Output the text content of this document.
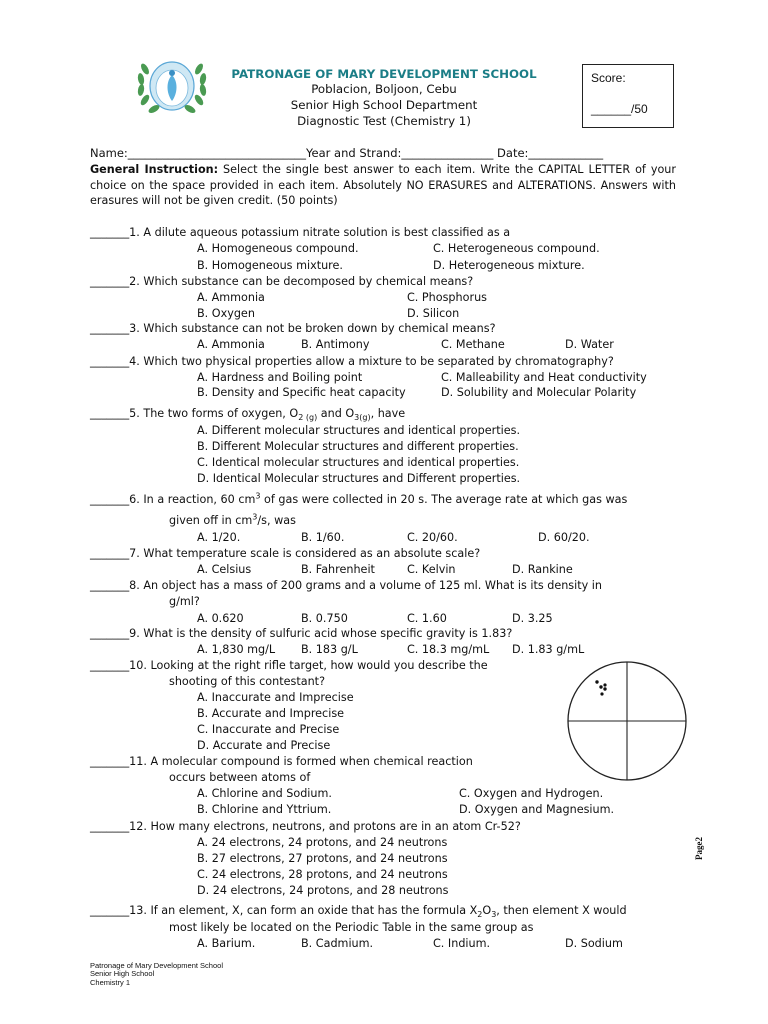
PATRONAGE OF MARY DEVELOPMENT SCHOOL
Poblacion, Boljoon, Cebu
Senior High School Department
Diagnostic Test (Chemistry 1)
Score:
______/50
Name:_______________________________Year and Strand:________________ Date:_____________
General Instruction: Select the single best answer to each item. Write the CAPITAL LETTER of your choice on the space provided in each item. Absolutely NO ERASURES and ALTERATIONS. Answers with erasures will not be given credit. (50 points)
_______1. A dilute aqueous potassium nitrate solution is best classified as a
A. Homogeneous compound.	C. Heterogeneous compound.
B. Homogeneous mixture.	D. Heterogeneous mixture.
_______2. Which substance can be decomposed by chemical means?
A. Ammonia	C. Phosphorus
B. Oxygen	D. Silicon
_______3. Which substance can not be broken down by chemical means?
A. Ammonia	B. Antimony	C. Methane	D. Water
_______4. Which two physical properties allow a mixture to be separated by chromatography?
A. Hardness and Boiling point	C. Malleability and Heat conductivity
B. Density and Specific heat capacity	D. Solubility and Molecular Polarity
_______5. The two forms of oxygen, $O_{2 (g)}$ and $O_{3(g)}$, have
A. Different molecular structures and identical properties.
B. Different Molecular structures and different properties.
C. Identical molecular structures and identical properties.
D. Identical Molecular structures and Different properties.
_______6. In a reaction, 60 $cm^3$ of gas were collected in 20 s. The average rate at which gas was
given off in $cm^3/s$, was
A. 1/20.	B. 1/60.	C. 20/60.	D. 60/20.
_______7. What temperature scale is considered as an absolute scale?
A. Celsius	B. Fahrenheit	C. Kelvin	D. Rankine
_______8. An object has a mass of 200 grams and a volume of 125 ml. What is its density in
g/ml?
A. 0.620	B. 0.750	C. 1.60	D. 3.25
_______9. What is the density of sulfuric acid whose specific gravity is 1.83?
A. 1,830 mg/L B. 183 g/L	C. 18.3 mg/mL D. 1.83 g/mL
_______10. Looking at the right rifle target, how would you describe the
shooting of this contestant?
A. Inaccurate and Imprecise
B. Accurate and Imprecise
C. Inaccurate and Precise
D. Accurate and Precise
_______11. A molecular compound is formed when chemical reaction
occurs between atoms of
A. Chlorine and Sodium.	C. Oxygen and Hydrogen.
B. Chlorine and Yttrium.	D. Oxygen and Magnesium.
_______12. How many electrons, neutrons, and protons are in an atom Cr-52?
A. 24 electrons, 24 protons, and 24 neutrons
B. 27 electrons, 27 protons, and 24 neutrons
C. 24 electrons, 28 protons, and 24 neutrons
D. 24 electrons, 24 protons, and 28 neutrons
_______13. If an element, X, can form an oxide that has the formula $X_2O_3$, then element X would
most likely be located on the Periodic Table in the same group as
A. Barium.	B. Cadmium.	C. Indium.	D. Sodium
Patronage of Mary Development School
Senior High School
Chemistry 1
Page2
